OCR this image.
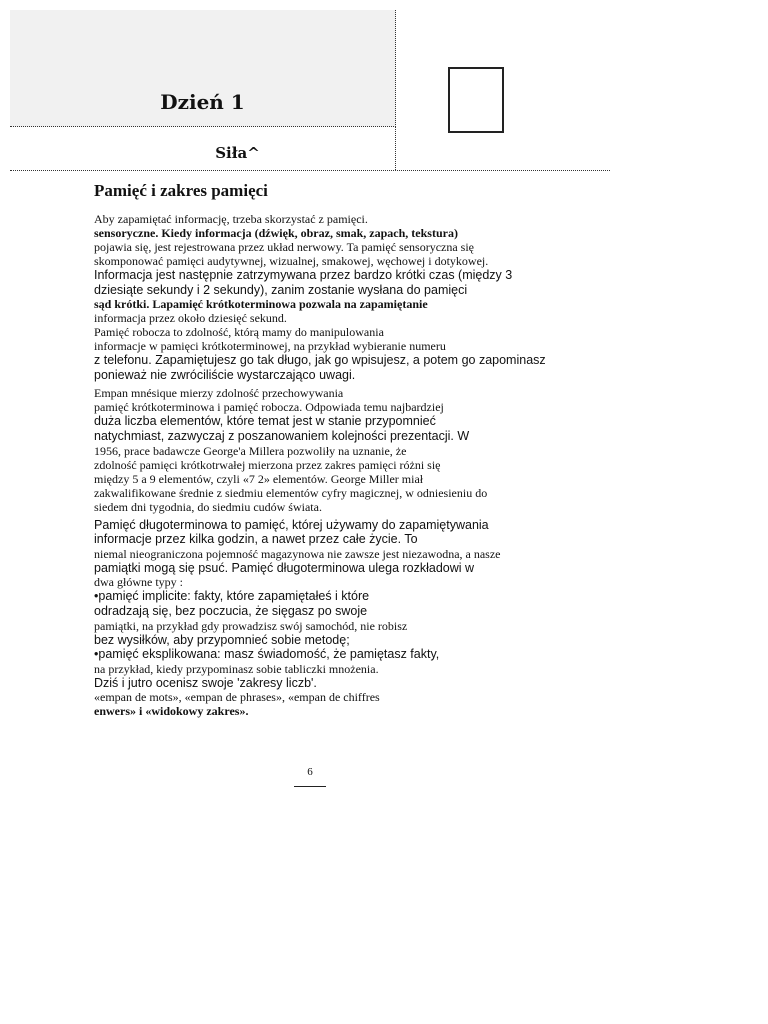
Dzień 1
Siła^
Pamięć i zakres pamięci
Aby zapamiętać informację, trzeba skorzystać z pamięci.
sensoryczne. Kiedy informacja (dźwięk, obraz, smak, zapach, tekstura)
pojawia się, jest rejestrowana przez układ nerwowy. Ta pamięć sensoryczna się
skomponować pamięci audytywnej, wizualnej, smakowej, węchowej i dotykowej.
Informacja jest następnie zatrzymywana przez bardzo krótki czas (między 3
dziesiąte sekundy i 2 sekundy), zanim zostanie wysłana do pamięci
sąd krótki. Lapamięć krótkoterminowa pozwala na zapamiętanie
informacja przez około dziesięć sekund.
Pamięć robocza to zdolność, którą mamy do manipulowania
informacje w pamięci krótkoterminowej, na przykład wybieranie numeru
z telefonu. Zapamiętujesz go tak długo, jak go wpisujesz, a potem go zapominasz
ponieważ nie zwróciliście wystarczająco uwagi.
Empan mnésique mierzy zdolność przechowywania
pamięć krótkoterminowa i pamięć robocza. Odpowiada temu najbardziej
duża liczba elementów, które temat jest w stanie przypomnieć
natychmiast, zazwyczaj z poszanowaniem kolejności prezentacji. W
1956, prace badawcze George'a Millera pozwoliły na uznanie, że
zdolność pamięci krótkotrwałej mierzona przez zakres pamięci różni się
między 5 a 9 elementów, czyli «7 2» elementów. George Miller miał
zakwalifikowane średnie z siedmiu elementów cyfry magicznej, w odniesieniu do
siedem dni tygodnia, do siedmiu cudów świata.
Pamięć długoterminowa to pamięć, której używamy do zapamiętywania
informacje przez kilka godzin, a nawet przez całe życie. To
niemal nieograniczona pojemność magazynowa nie zawsze jest niezawodna, a nasze
pamiątki mogą się psuć. Pamięć długoterminowa ulega rozkładowi w
dwa główne typy :
•pamięć implicite: fakty, które zapamiętałeś i które
odradzają się, bez poczucia, że sięgasz po swoje
pamiątki, na przykład gdy prowadzisz swój samochód, nie robisz
bez wysiłków, aby przypomnieć sobie metodę;
•pamięć eksplikowana: masz świadomość, że pamiętasz fakty,
na przykład, kiedy przypominasz sobie tabliczki mnożenia.
Dziś i jutro ocenisz swoje 'zakresy liczb'.
«empan de mots», «empan de phrases», «empan de chiffres
enwers» i «widokowy zakres».
6
